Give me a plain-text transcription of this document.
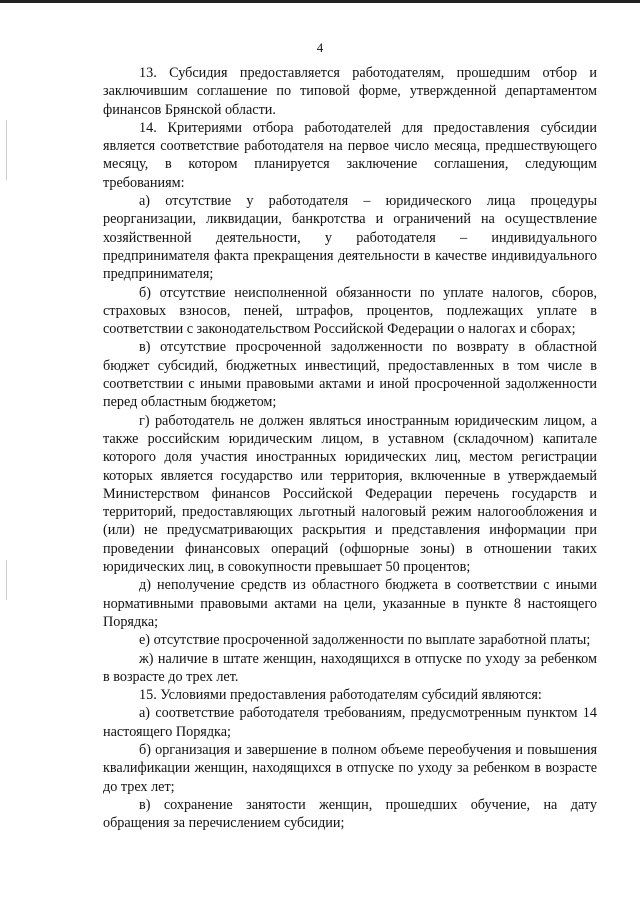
4

13. Субсидия предоставляется работодателям, прошедшим отбор и заключившим соглашение по типовой форме, утвержденной департаментом финансов Брянской области.

14. Критериями отбора работодателей для предоставления субсидии является соответствие работодателя на первое число месяца, предшествующего месяцу, в котором планируется заключение соглашения, следующим требованиям:

а) отсутствие у работодателя – юридического лица процедуры реорганизации, ликвидации, банкротства и ограничений на осуществление хозяйственной деятельности, у работодателя – индивидуального предпринимателя факта прекращения деятельности в качестве индивидуального предпринимателя;

б) отсутствие неисполненной обязанности по уплате налогов, сборов, страховых взносов, пеней, штрафов, процентов, подлежащих уплате в соответствии с законодательством Российской Федерации о налогах и сборах;

в) отсутствие просроченной задолженности по возврату в областной бюджет субсидий, бюджетных инвестиций, предоставленных в том числе в соответствии с иными правовыми актами и иной просроченной задолженности перед областным бюджетом;

г) работодатель не должен являться иностранным юридическим лицом, а также российским юридическим лицом, в уставном (складочном) капитале которого доля участия иностранных юридических лиц, местом регистрации которых является государство или территория, включенные в утверждаемый Министерством финансов Российской Федерации перечень государств и территорий, предоставляющих льготный налоговый режим налогообложения и (или) не предусматривающих раскрытия и представления информации при проведении финансовых операций (офшорные зоны) в отношении таких юридических лиц, в совокупности превышает 50 процентов;

д) неполучение средств из областного бюджета в соответствии с иными нормативными правовыми актами на цели, указанные в пункте 8 настоящего Порядка;

е) отсутствие просроченной задолженности по выплате заработной платы;

ж) наличие в штате женщин, находящихся в отпуске по уходу за ребенком в возрасте до трех лет.

15. Условиями предоставления работодателям субсидий являются:

а) соответствие работодателя требованиям, предусмотренным пунктом 14 настоящего Порядка;

б) организация и завершение в полном объеме переобучения и повышения квалификации женщин, находящихся в отпуске по уходу за ребенком в возрасте до трех лет;

в) сохранение занятости женщин, прошедших обучение, на дату обращения за перечислением субсидии;
